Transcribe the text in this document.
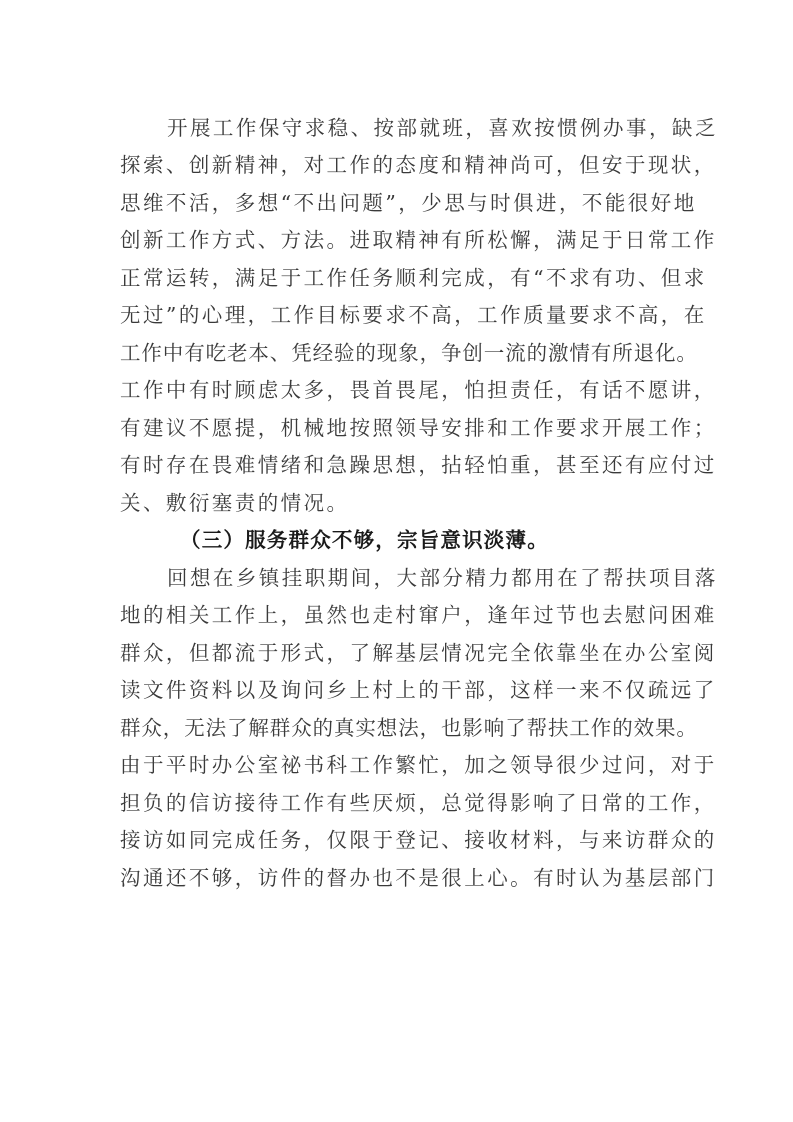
开展工作保守求稳、按部就班，喜欢按惯例办事，缺乏
探索、创新精神，对工作的态度和精神尚可，但安于现状，
思维不活，多想“不出问题”，少思与时俱进，不能很好地
创新工作方式、方法。进取精神有所松懈，满足于日常工作
正常运转，满足于工作任务顺利完成，有“不求有功、但求
无过”的心理，工作目标要求不高，工作质量要求不高，在
工作中有吃老本、凭经验的现象，争创一流的激情有所退化。
工作中有时顾虑太多，畏首畏尾，怕担责任，有话不愿讲，
有建议不愿提，机械地按照领导安排和工作要求开展工作；
有时存在畏难情绪和急躁思想，拈轻怕重，甚至还有应付过
关、敷衍塞责的情况。
（三）服务群众不够，宗旨意识淡薄。
回想在乡镇挂职期间，大部分精力都用在了帮扶项目落
地的相关工作上，虽然也走村窜户，逢年过节也去慰问困难
群众，但都流于形式，了解基层情况完全依靠坐在办公室阅
读文件资料以及询问乡上村上的干部，这样一来不仅疏远了
群众，无法了解群众的真实想法，也影响了帮扶工作的效果。
由于平时办公室祕书科工作繁忙，加之领导很少过问，对于
担负的信访接待工作有些厌烦，总觉得影响了日常的工作，
接访如同完成任务，仅限于登记、接收材料，与来访群众的
沟通还不够，访件的督办也不是很上心。有时认为基层部门
